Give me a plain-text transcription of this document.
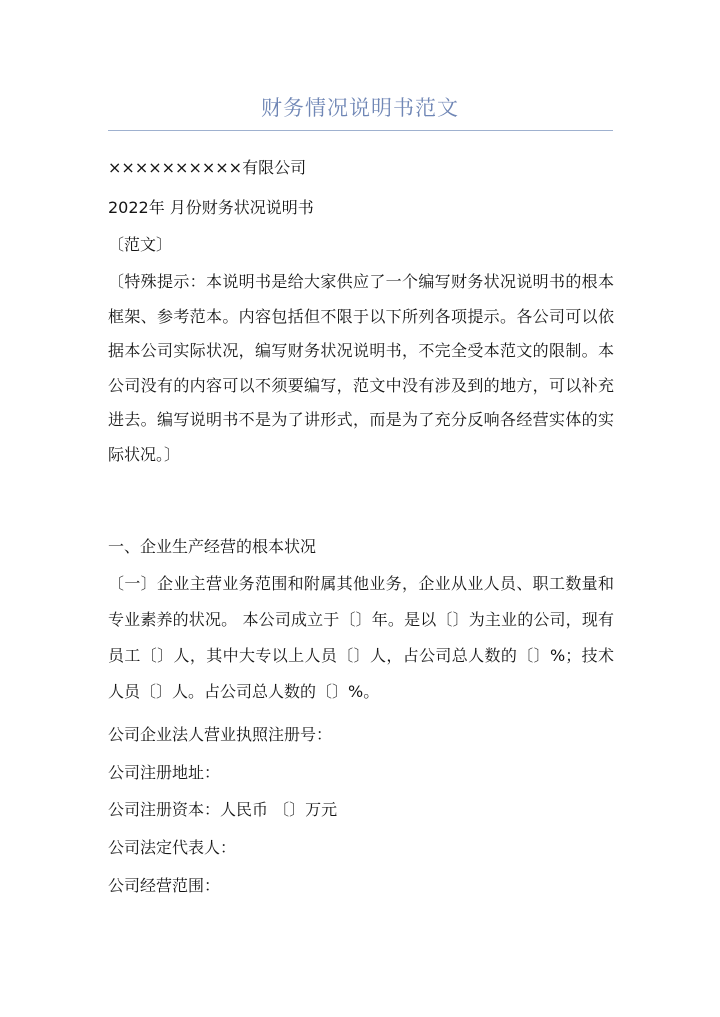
财务情况说明书范文
××××××××××有限公司
2022年 月份财务状况说明书
〔范文〕
〔特殊提示：本说明书是给大家供应了一个编写财务状况说明书的根本框架、参考范本。内容包括但不限于以下所列各项提示。各公司可以依据本公司实际状况，编写财务状况说明书，不完全受本范文的限制。本公司没有的内容可以不须要编写，范文中没有涉及到的地方，可以补充进去。编写说明书不是为了讲形式，而是为了充分反响各经营实体的实际状况。〕
一、企业生产经营的根本状况
〔一〕企业主营业务范围和附属其他业务，企业从业人员、职工数量和专业素养的状况。 本公司成立于〔〕年。是以〔〕为主业的公司，现有员工〔〕人，其中大专以上人员〔〕人，占公司总人数的〔〕%；技术人员〔〕人。占公司总人数的〔〕%。
公司企业法人营业执照注册号：
公司注册地址：
公司注册资本：人民币 〔〕万元
公司法定代表人：
公司经营范围：
